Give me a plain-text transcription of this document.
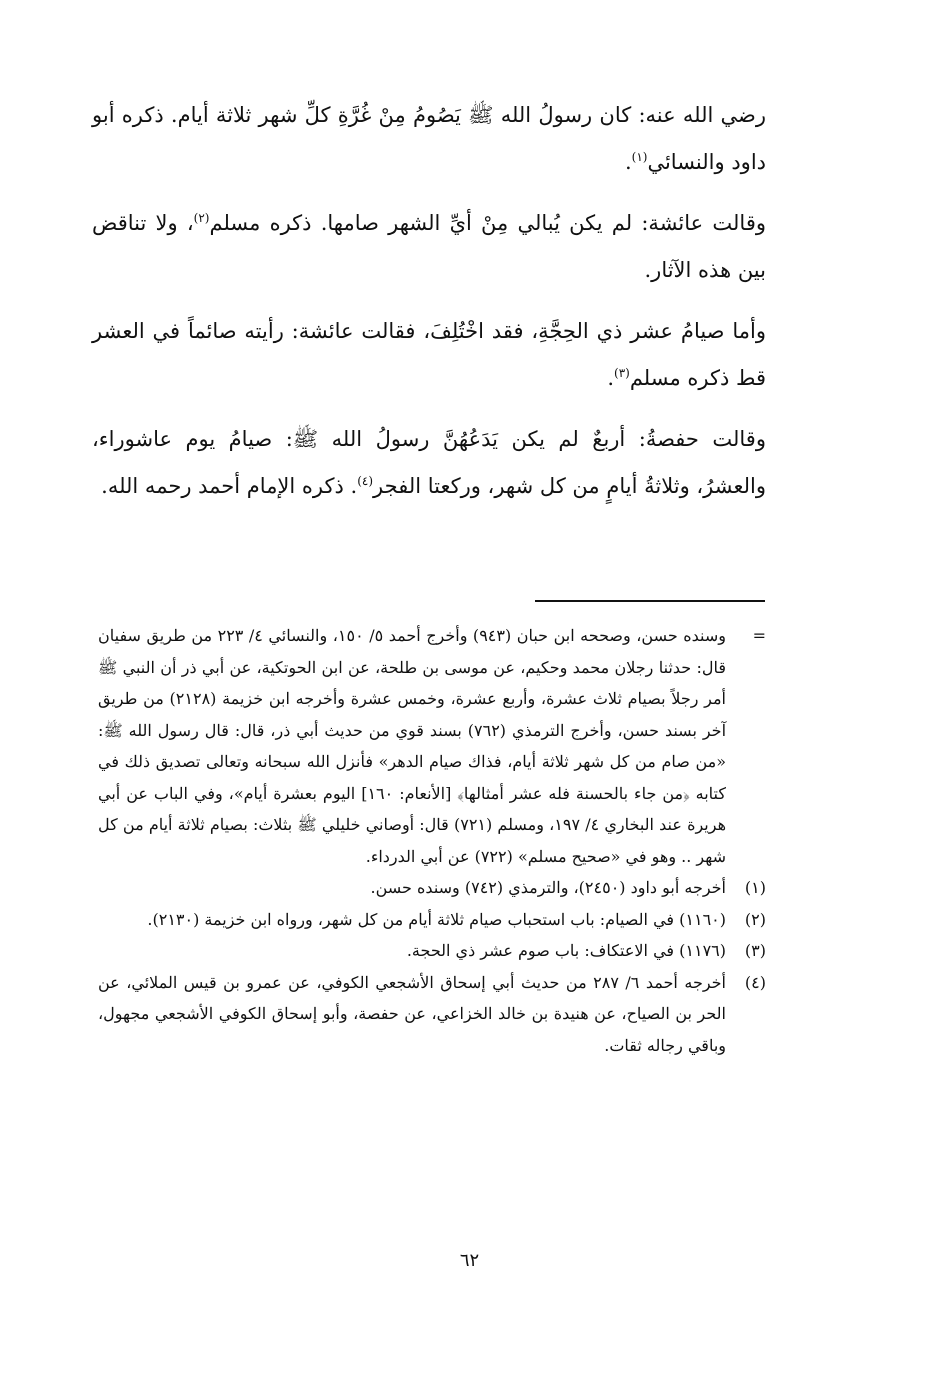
رضي الله عنه: كان رسولُ الله ﷺ يَصُومُ مِنْ غُرَّةِ كلِّ شهر ثلاثة أيام. ذكره أبو داود والنسائي$^{(١)}$.

وقالت عائشة: لم يكن يُبالي مِنْ أيِّ الشهر صامها. ذكره مسلم$^{(٢)}$، ولا تناقض بين هذه الآثار.

وأما صيامُ عشر ذي الحِجَّةِ، فقد اخْتُلِفَ، فقالت عائشة: رأيته صائماً في العشر قط ذكره مسلم$^{(٣)}$.

وقالت حفصةُ: أربعٌ لم يكن يَدَعُهُنَّ رسولُ الله ﷺ: صيامُ يوم عاشوراء، والعشرُ، وثلاثةُ أيامٍ من كل شهر، وركعتا الفجر$^{(٤)}$. ذكره الإمام أحمد رحمه الله.

=
وسنده حسن، وصححه ابن حبان (٩٤٣) وأخرج أحمد ٥/ ١٥٠، والنسائي ٤/ ٢٢٣ من طريق سفيان قال: حدثنا رجلان محمد وحكيم، عن موسى بن طلحة، عن ابن الحوتكية، عن أبي ذر أن النبي ﷺ أمر رجلاً بصيام ثلاث عشرة، وأربع عشرة، وخمس عشرة وأخرجه ابن خزيمة (٢١٢٨) من طريق آخر بسند حسن، وأخرج الترمذي (٧٦٢) بسند قوي من حديث أبي ذر، قال: قال رسول الله ﷺ: «من صام من كل شهر ثلاثة أيام، فذاك صيام الدهر» فأنزل الله سبحانه وتعالى تصديق ذلك في كتابه ﴿من جاء بالحسنة فله عشر أمثالها﴾ [الأنعام: ١٦٠] اليوم بعشرة أيام»، وفي الباب عن أبي هريرة عند البخاري ٤/ ١٩٧، ومسلم (٧٢١) قال: أوصاني خليلي ﷺ بثلاث: بصيام ثلاثة أيام من كل شهر .. وهو في «صحيح مسلم» (٧٢٢) عن أبي الدرداء.
(١)
أخرجه أبو داود (٢٤٥٠)، والترمذي (٧٤٢) وسنده حسن.
(٢)
(١١٦٠) في الصيام: باب استحباب صيام ثلاثة أيام من كل شهر، ورواه ابن خزيمة (٢١٣٠).
(٣)
(١١٧٦) في الاعتكاف: باب صوم عشر ذي الحجة.
(٤)
أخرجه أحمد ٦/ ٢٨٧ من حديث أبي إسحاق الأشجعي الكوفي، عن عمرو بن قيس الملائي، عن الحر بن الصياح، عن هنيدة بن خالد الخزاعي، عن حفصة، وأبو إسحاق الكوفي الأشجعي مجهول، وباقي رجاله ثقات.
٦٢
